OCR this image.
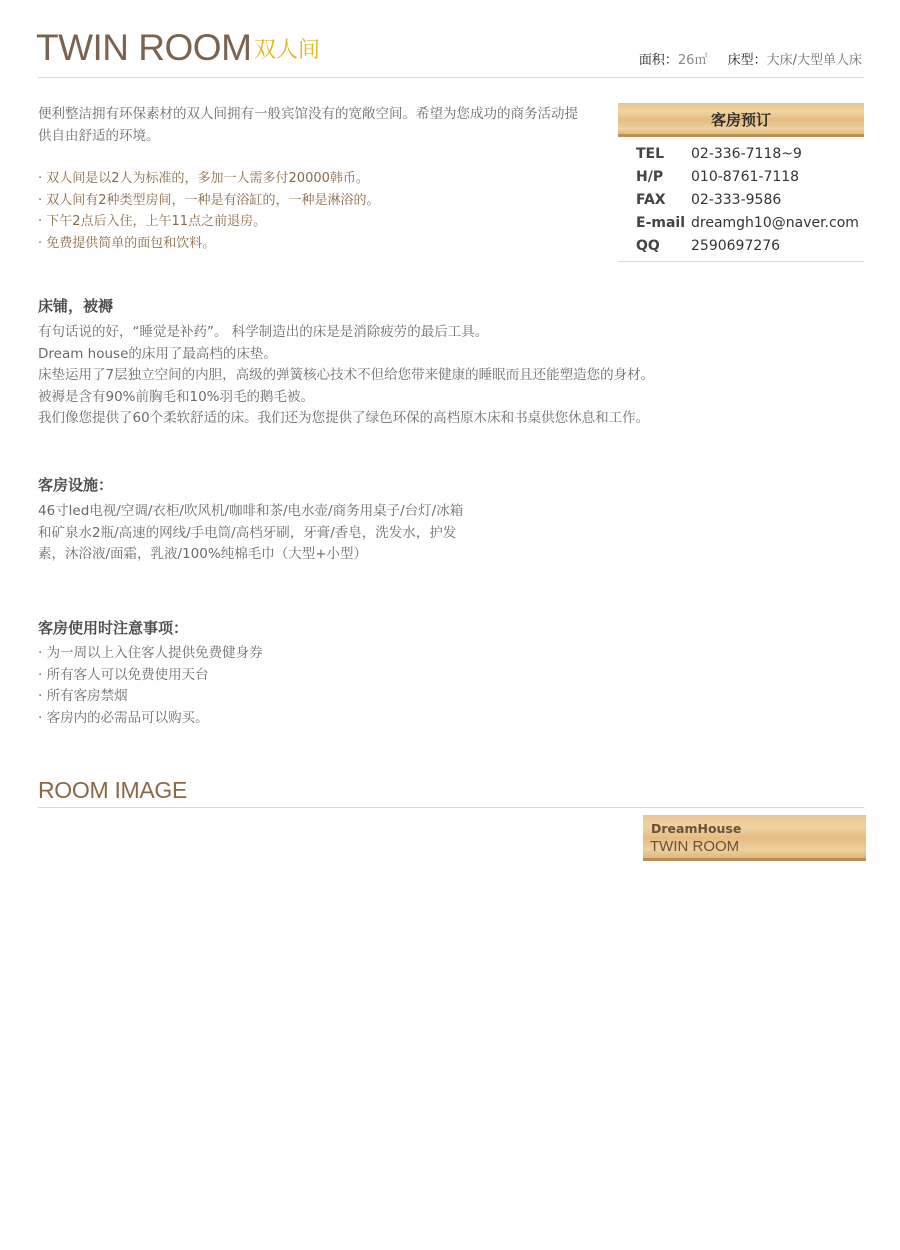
TWIN ROOM 双人间	面积：26㎡ 床型：大床/大型单人床
便利整洁拥有环保素材的双人间拥有一般宾馆没有的宽敞空间。希望为您成功的商务活动提供自由舒适的环境。
· 双人间是以2人为标准的，多加一人需多付20000韩币。
· 双人间有2种类型房间，一种是有浴缸的，一种是淋浴的。
· 下午2点后入住，上午11点之前退房。
· 免费提供简单的面包和饮料。
客房预订
TEL	02-336-7118~9
H/P	010-8761-7118
FAX	02-333-9586
E-mail dreamgh10@naver.com
QQ	2590697276
床铺，被褥
有句话说的好，“睡觉是补药”。 科学制造出的床是是消除疲劳的最后工具。
Dream house的床用了最高档的床垫。
床垫运用了7层独立空间的内胆，高级的弹簧核心技术不但给您带来健康的睡眠而且还能塑造您的身材。
被褥是含有90%前胸毛和10%羽毛的鹅毛被。
我们像您提供了60个柔软舒适的床。我们还为您提供了绿色环保的高档原木床和书桌供您休息和工作。
客房设施：
46寸led电视/空调/衣柜/吹风机/咖啡和茶/电水壶/商务用桌子/台灯/冰箱
和矿泉水2瓶/高速的网线/手电筒/高档牙刷，牙膏/香皂，洗发水，护发
素，沐浴液/面霜，乳液/100%纯棉毛巾（大型+小型）
客房使用时注意事项：
· 为一周以上入住客人提供免费健身券
· 所有客人可以免费使用天台
· 所有客房禁烟
· 客房内的必需品可以购买。
ROOM IMAGE
DreamHouse
TWIN ROOM
